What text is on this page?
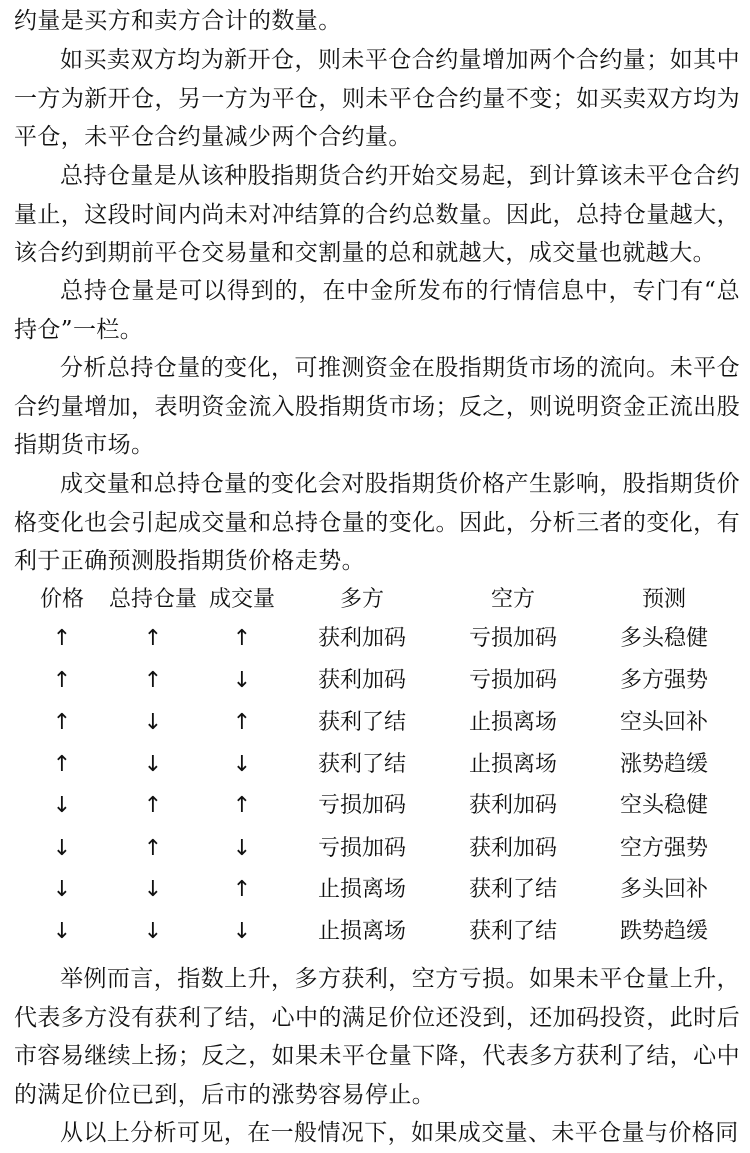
约量是买方和卖方合计的数量。

如买卖双方均为新开仓，则未平仓合约量增加两个合约量；如其中一方为新开仓，另一方为平仓，则未平仓合约量不变；如买卖双方均为平仓，未平仓合约量减少两个合约量。

总持仓量是从该种股指期货合约开始交易起，到计算该未平仓合约量止，这段时间内尚未对冲结算的合约总数量。因此，总持仓量越大，该合约到期前平仓交易量和交割量的总和就越大，成交量也就越大。

总持仓量是可以得到的，在中金所发布的行情信息中，专门有“总持仓”一栏。

分析总持仓量的变化，可推测资金在股指期货市场的流向。未平仓合约量增加，表明资金流入股指期货市场；反之，则说明资金正流出股指期货市场。

成交量和总持仓量的变化会对股指期货价格产生影响，股指期货价格变化也会引起成交量和总持仓量的变化。因此，分析三者的变化，有利于正确预测股指期货价格走势。

价格 总持仓量 成交量	多方	空方	预测
↑	↑	↑	获利加码	亏损加码	多头稳健
↑	↑	↓	获利加码	亏损加码	多方强势
↑	↓	↑	获利了结	止损离场	空头回补
↑	↓	↓	获利了结	止损离场	涨势趋缓
↓	↑	↑	亏损加码	获利加码	空头稳健
↓	↑	↓	亏损加码	获利加码	空方强势
↓	↓	↑	止损离场	获利了结	多头回补
↓	↓	↓	止损离场	获利了结	跌势趋缓

举例而言，指数上升，多方获利，空方亏损。如果未平仓量上升，代表多方没有获利了结，心中的满足价位还没到，还加码投资，此时后市容易继续上扬；反之，如果未平仓量下降，代表多方获利了结，心中的满足价位已到，后市的涨势容易停止。

从以上分析可见，在一般情况下，如果成交量、未平仓量与价格同
